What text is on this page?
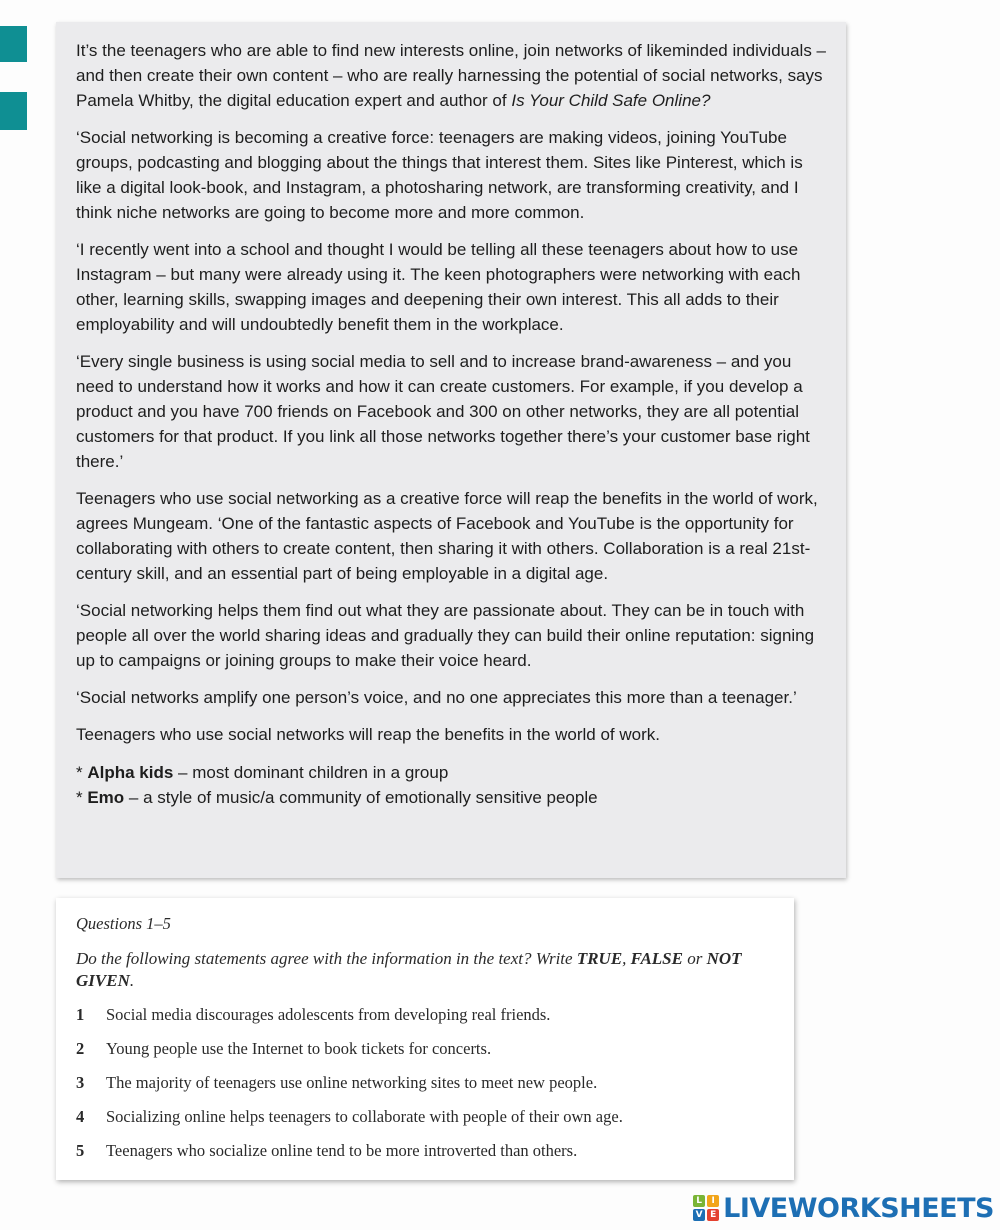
It’s the teenagers who are able to find new interests online, join networks of likeminded individuals – and then create their own content – who are really harnessing the potential of social networks, says Pamela Whitby, the digital education expert and author of Is Your Child Safe Online?

‘Social networking is becoming a creative force: teenagers are making videos, joining YouTube groups, podcasting and blogging about the things that interest them. Sites like Pinterest, which is like a digital look-book, and Instagram, a photosharing network, are transforming creativity, and I think niche networks are going to become more and more common.

‘I recently went into a school and thought I would be telling all these teenagers about how to use Instagram – but many were already using it. The keen photographers were networking with each other, learning skills, swapping images and deepening their own interest. This all adds to their employability and will undoubtedly benefit them in the workplace.

‘Every single business is using social media to sell and to increase brand-awareness – and you need to understand how it works and how it can create customers. For example, if you develop a product and you have 700 friends on Facebook and 300 on other networks, they are all potential customers for that product. If you link all those networks together there’s your customer base right there.’

Teenagers who use social networking as a creative force will reap the benefits in the world of work, agrees Mungeam. ‘One of the fantastic aspects of Facebook and YouTube is the opportunity for collaborating with others to create content, then sharing it with others. Collaboration is a real 21st-century skill, and an essential part of being employable in a digital age.

‘Social networking helps them find out what they are passionate about. They can be in touch with people all over the world sharing ideas and gradually they can build their online reputation: signing up to campaigns or joining groups to make their voice heard.

‘Social networks amplify one person’s voice, and no one appreciates this more than a teenager.’

Teenagers who use social networks will reap the benefits in the world of work.

* Alpha kids – most dominant children in a group
* Emo – a style of music/a community of emotionally sensitive people

Questions 1–5
Do the following statements agree with the information in the text? Write TRUE, FALSE or NOT GIVEN.
1	Social media discourages adolescents from developing real friends.
2	Young people use the Internet to book tickets for concerts.
3	The majority of teenagers use online networking sites to meet new people.
4	Socializing online helps teenagers to collaborate with people of their own age.
5	Teenagers who socialize online tend to be more introverted than others.
L	I
V E LIVEWORKSHEETS
